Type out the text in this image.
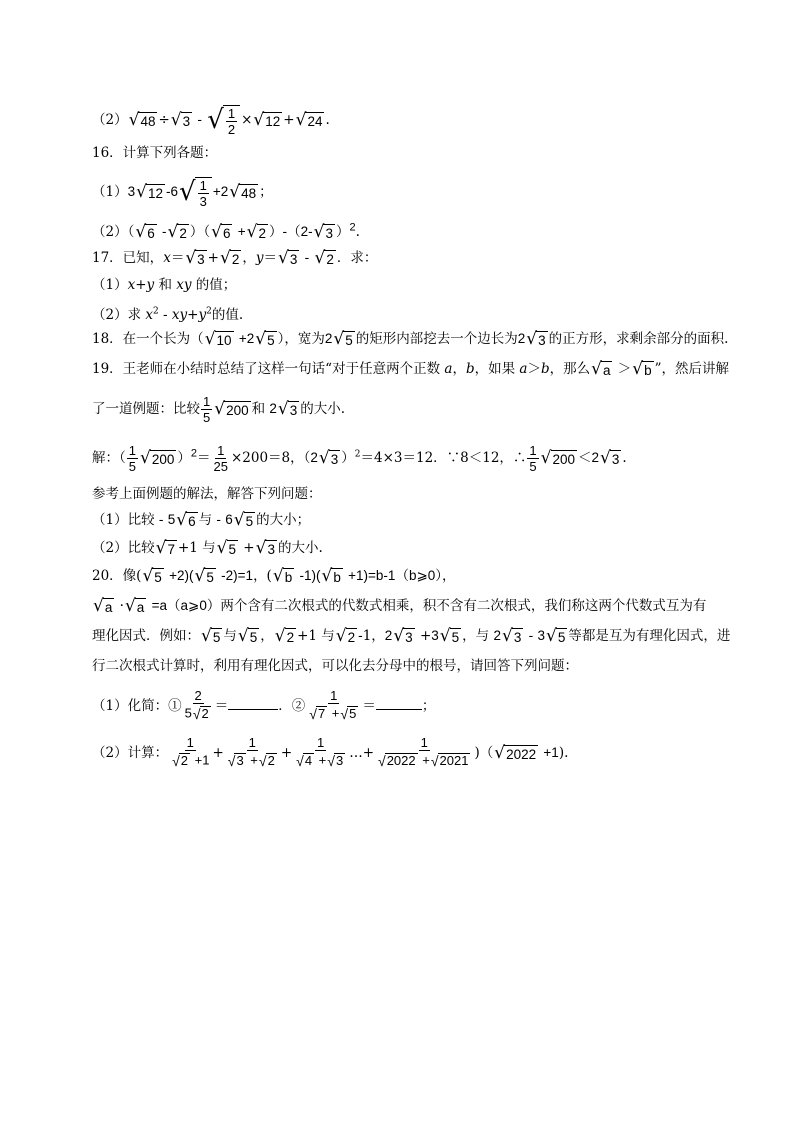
（2） √ 48 ÷ √ 3 - √ $\frac{1}{2}$ × √ 12 + √ 24 .
16．计算下列各题：
（1）3 √ 12 -6 √ $\frac{1}{3} +2$ √ 48 ；
（2）（ √ 6 - √ 2 ）（ √ 6 + √ 2 ）-（2- √ 3 ）$^2$.
17．已知，x＝ √ 3 + √ 2 ，y＝ √ 3 - √ 2 ．求：
（1）x+y 和 xy 的值；
（2）求 $x^2 - xy+y^2$的值.
18．在一个长为（ √ 10 +2 √ 5 ），宽为2 √ 5 的矩形内部挖去一个边长为2 √ 3 的正方形，求剩余部分的面积.
19．王老师在小结时总结了这样一句话“对于任意两个正数 a，b，如果 a＞b，那么 √ a ＞ √ b ”，然后讲解
了一道例题：比较 $\frac{1}{5}$ √ 200 和 2 √ 3 的大小.
解：（ $\frac{1}{5}$ √ 200 ）$^2= \frac{1}{25} \times 200=8$，（2 √ 3 ）$^2$＝4×3＝12．∵8＜12，∴ $\frac{1}{5}$ √ 200 ＜2 √ 3 .
参考上面例题的解法，解答下列问题：
（1）比较 - 5 √ 6 与 - 6 √ 5 的大小；
（2）比较 √ 7 +1 与 √ 5 + √ 3 的大小.
20．像( √ 5 +2)( √ 5 -2)=1，( √ b -1)( √ b +1)=b-1（b⩾0），
√ a · √ a =a（a⩾0）两个含有二次根式的代数式相乘，积不含有二次根式，我们称这两个代数式互为有
理化因式．例如： √ 5 与 √ 5 ， √ 2 +1 与 √ 2 -1，2 √ 3 +3 √ 5 ，与 2 √ 3 - 3 √ 5 等都是互为有理化因式，进
行二次根式计算时，利用有理化因式，可以化去分母中的根号，请回答下列问题：
（1）化简：① $\frac{2}{5 √ 2}$ ＝	．② $\frac{1}{√ 7 + √ 5}$ ＝	；
（2）计算： $\frac{1}{√ 2 +1} + \frac{1}{√ 3 + √ 2} + \frac{1}{√ 4 + √ 3}$ …+ $\frac{1}{√ 2022 + √ 2021}$ )（ √ 2022 +1).
